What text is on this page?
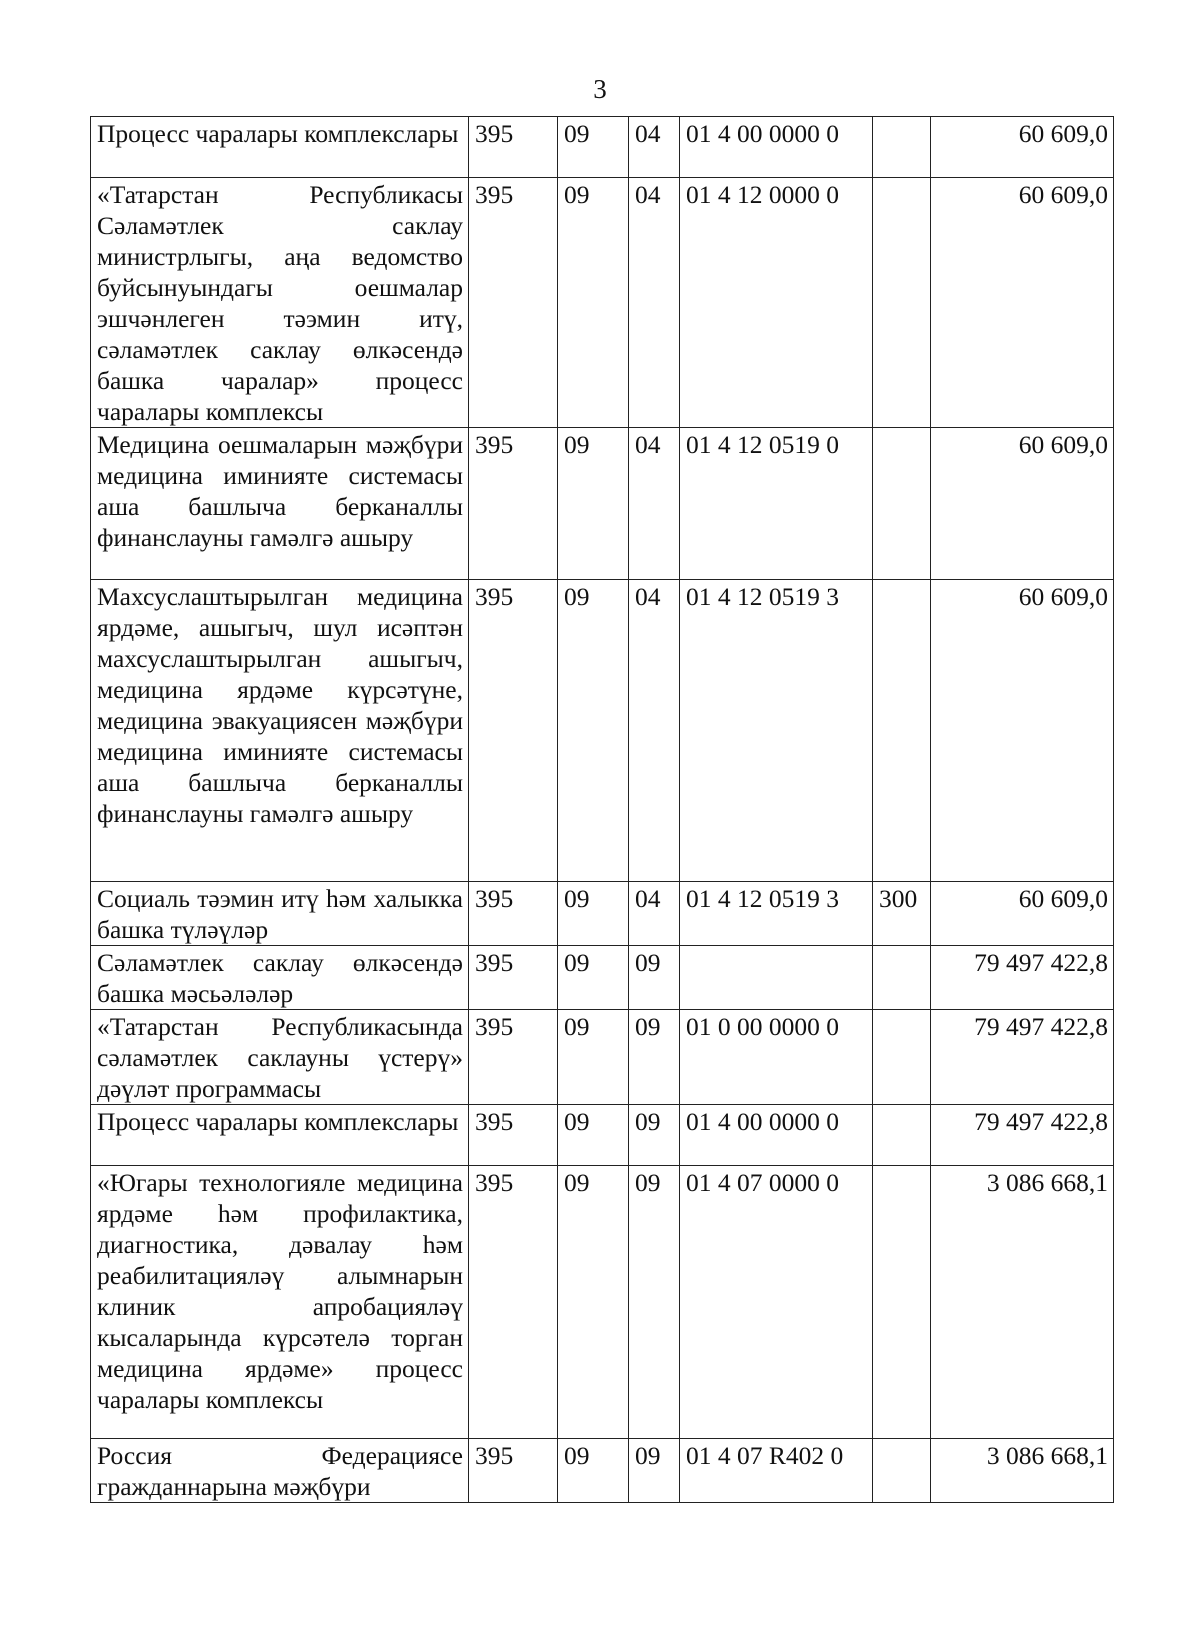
3
Процесс чаралары комплекслары	395	09	04	01 4 00 0000 0		60 609,0

«Татарстан Республикасы Сәламәтлек саклау министрлыгы, аңа ведомство буйсынуындагы оешмалар эшчәнлеген тәэмин итү, сәламәтлек саклау өлкәсендә башка чаралар» процесс чаралары комплексы	395	09	04	01 4 12 0000 0		60 609,0

Медицина оешмаларын мәҗбүри медицина иминияте системасы аша башлыча берканаллы финанслауны гамәлгә ашыру	395	09	04	01 4 12 0519 0		60 609,0

Махсуслаштырылган медицина ярдәме, ашыгыч, шул исәптән махсуслаштырылган ашыгыч, медицина ярдәме күрсәтүне, медицина эвакуациясен мәҗбүри медицина иминияте системасы аша башлыча берканаллы финанслауны гамәлгә ашыру	395	09	04	01 4 12 0519 3		60 609,0

Социаль тәэмин итү һәм халыкка башка түләүләр	395	09	04	01 4 12 0519 3	300	60 609,0

Сәламәтлек саклау өлкәсендә башка мәсьәләләр	395	09	09			79 497 422,8

«Татарстан Республикасында сәламәтлек саклауны үстерү» дәүләт программасы	395	09	09	01 0 00 0000 0		79 497 422,8

Процесс чаралары комплекслары	395	09	09	01 4 00 0000 0		79 497 422,8

«Югары технологияле медицина ярдәме һәм профилактика, диагностика, дәвалау һәм реабилитацияләү алымнарын клиник апробацияләү кысаларында күрсәтелә торган медицина ярдәме» процесс чаралары комплексы	395	09	09	01 4 07 0000 0		3 086 668,1

Россия Федерациясе гражданнарына мәҗбүри	395	09	09	01 4 07 R402 0		3 086 668,1
